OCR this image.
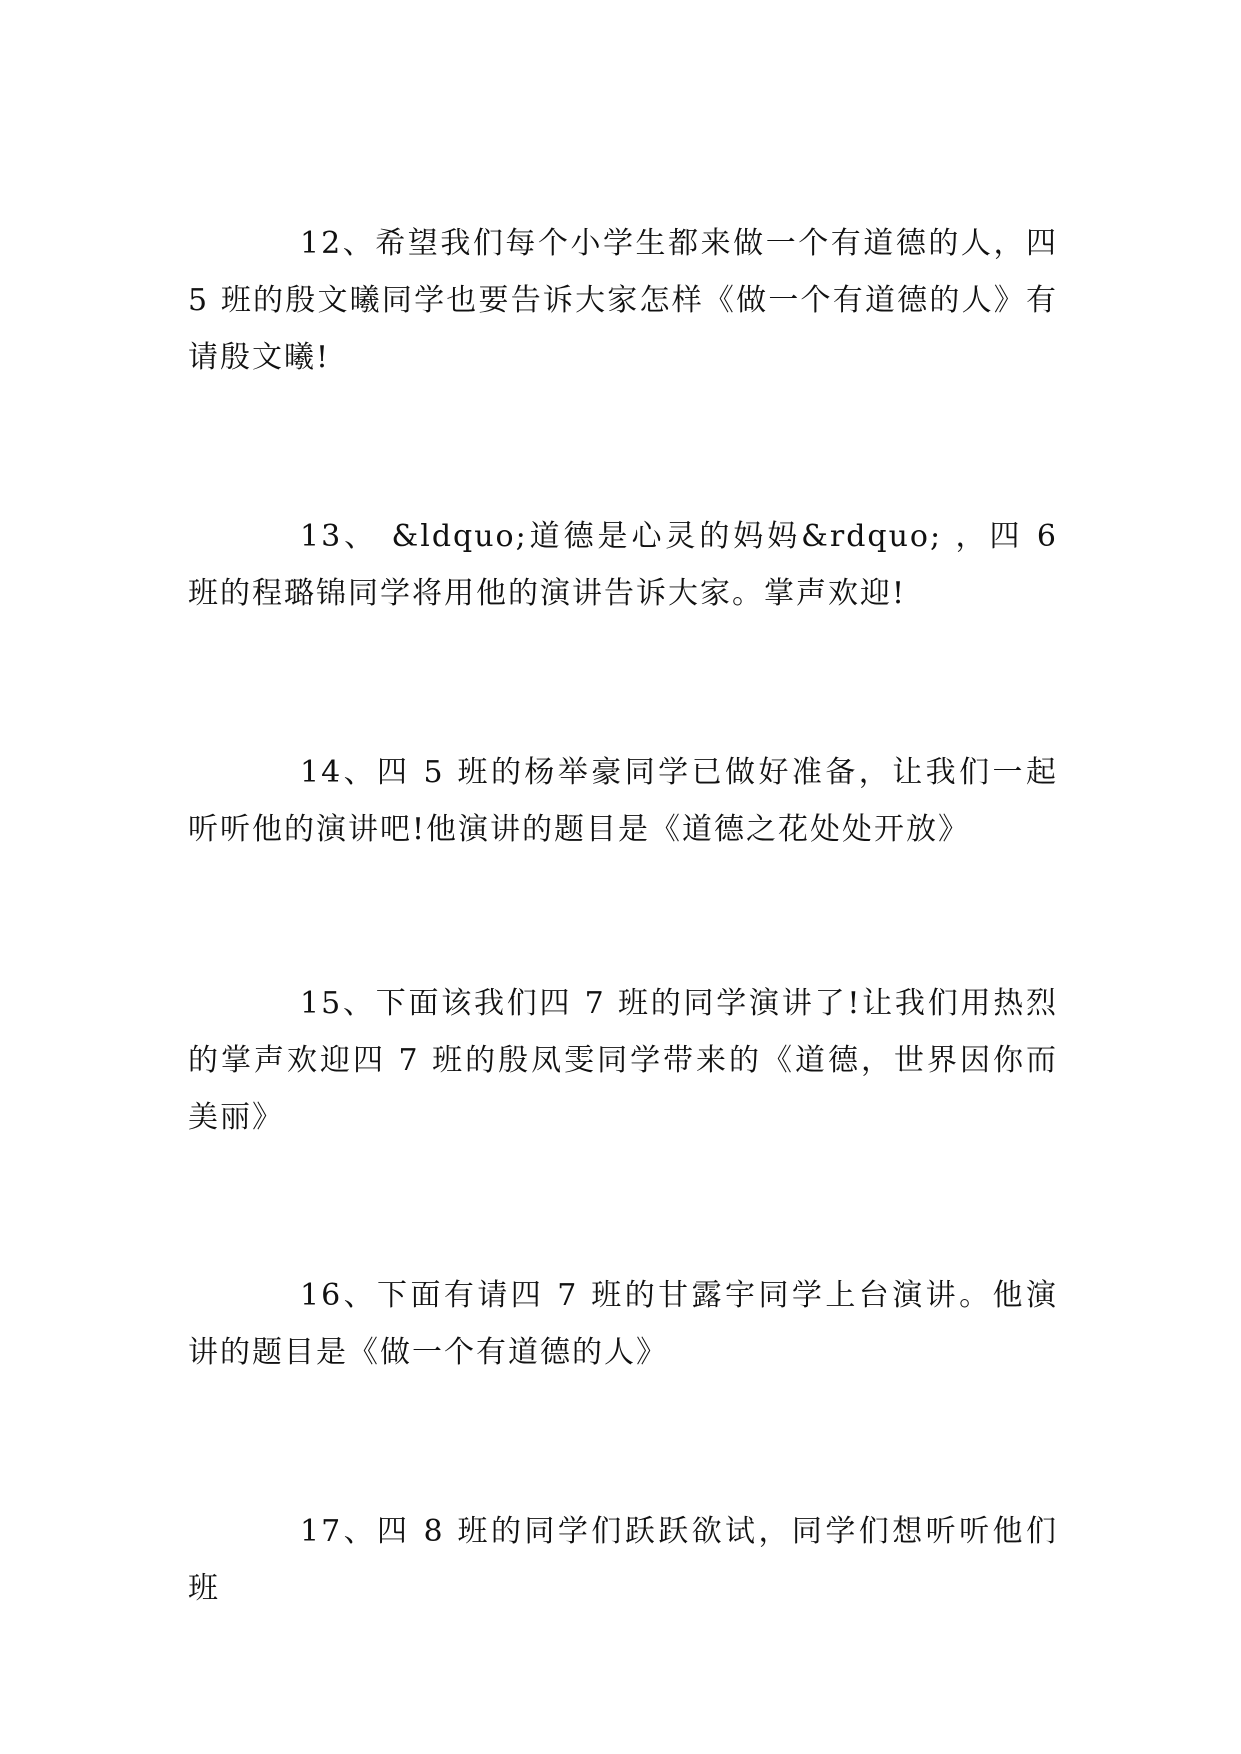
12、希望我们每个小学生都来做一个有道德的人，四 5 班的殷文曦同学也要告诉大家怎样《做一个有道德的人》有请殷文曦!

13、 &ldquo;道德是心灵的妈妈&rdquo; ，四 6 班的程璐锦同学将用他的演讲告诉大家。掌声欢迎!

14、四 5 班的杨举豪同学已做好准备，让我们一起听听他的演讲吧!他演讲的题目是《道德之花处处开放》

15、下面该我们四 7 班的同学演讲了!让我们用热烈的掌声欢迎四 7 班的殷凤雯同学带来的《道德，世界因你而美丽》

16、下面有请四 7 班的甘露宇同学上台演讲。他演讲的题目是《做一个有道德的人》

17、四 8 班的同学们跃跃欲试，同学们想听听他们班
